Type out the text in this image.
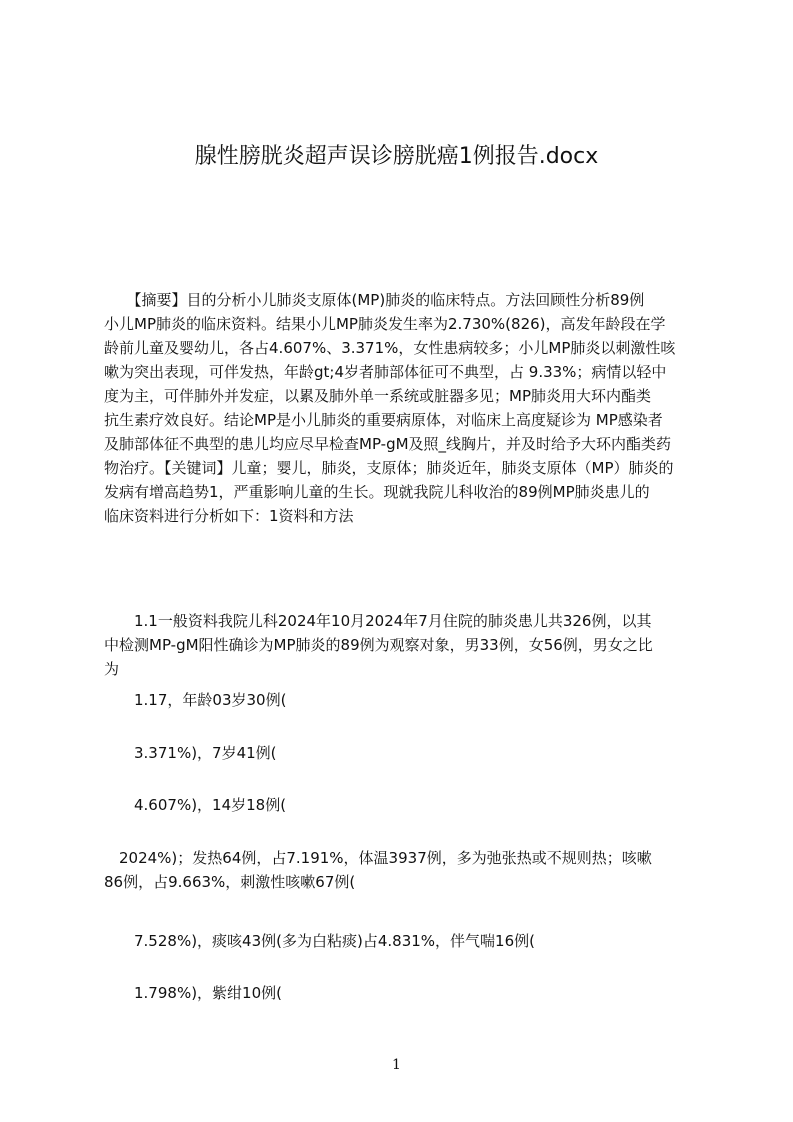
腺性膀胱炎超声误诊膀胱癌1例报告.docx
　　【摘要】目的分析小儿肺炎支原体(MP)肺炎的临床特点。方法回顾性分析89例
小儿MP肺炎的临床资料。结果小儿MP肺炎发生率为2.730%(826)，高发年龄段在学
龄前儿童及婴幼儿，各占4.607%、3.371%，女性患病较多；小儿MP肺炎以刺激性咳
嗽为突出表现，可伴发热，年龄gt;4岁者肺部体征可不典型，占 9.33%；病情以轻中
度为主，可伴肺外并发症，以累及肺外单一系统或脏器多见；MP肺炎用大环内酯类
抗生素疗效良好。结论MP是小儿肺炎的重要病原体，对临床上高度疑诊为 MP感染者
及肺部体征不典型的患儿均应尽早检查MP-gM及照_线胸片，并及时给予大环内酯类药
物治疗。【关键词】儿童；婴儿，肺炎，支原体；肺炎近年，肺炎支原体（MP）肺炎的
发病有增高趋势1，严重影响儿童的生长。现就我院儿科收治的89例MP肺炎患儿的
临床资料进行分析如下：1资料和方法
　　1.1一般资料我院儿科2024年10月2024年7月住院的肺炎患儿共326例，以其
中检测MP-gM阳性确诊为MP肺炎的89例为观察对象，男33例，女56例，男女之比
为
　　1.17，年龄03岁30例(
　　3.371%)，7岁41例(
　　4.607%)，14岁18例(
　2024%)；发热64例，占7.191%，体温3937例，多为弛张热或不规则热；咳嗽
86例，占9.663%，刺激性咳嗽67例(
　　7.528%)，痰咳43例(多为白粘痰)占4.831%，伴气喘16例(
　　1.798%)，紫绀10例(
1
